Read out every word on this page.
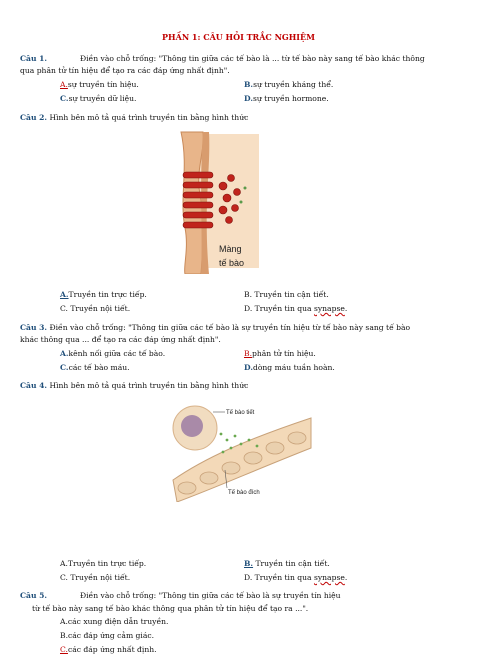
PHẦN 1: CÂU HỎI TRẮC NGHIỆM
Câu 1.	Điền vào chỗ trống: "Thông tin giữa các tế bào là ... từ tế bào này sang tế bào khác thông
qua phân tử tín hiệu để tạo ra các đáp ứng nhất định".
A.sự truyền tín hiệu.	B.sự truyền kháng thể.
C.sự truyền dữ liệu.	D.sự truyền hormone.
Câu 2. Hình bên mô tả quá trình truyền tin bằng hình thức
Màng
tế bào
A.Truyền tin trực tiếp.	B. Truyền tin cận tiết.
C. Truyền nội tiết.	D. Truyền tin qua synapse.
Câu 3. Điền vào chỗ trống: "Thông tin giữa các tế bào là sự truyền tín hiệu từ tế bào này sang tế bào
khác thông qua ... để tạo ra các đáp ứng nhất định".
A.kênh nối giữa các tế bào.	B.phân tử tín hiệu.
C.các tế bào máu.	D.dòng máu tuần hoàn.
Câu 4. Hình bên mô tả quá trình truyền tin bằng hình thức
Tế bào tiết
Tế bào đích
A.Truyền tin trực tiếp.	B. Truyền tin cận tiết.
C. Truyền nội tiết.	D. Truyền tin qua synapse.
Câu 5.	Điền vào chỗ trống: "Thông tin giữa các tế bào là sự truyền tín hiệu
từ tế bào này sang tế bào khác thông qua phân tử tín hiệu để tạo ra ...".
A.các xung điện dẫn truyền.
B.các đáp ứng cảm giác.
C.các đáp ứng nhất định.
